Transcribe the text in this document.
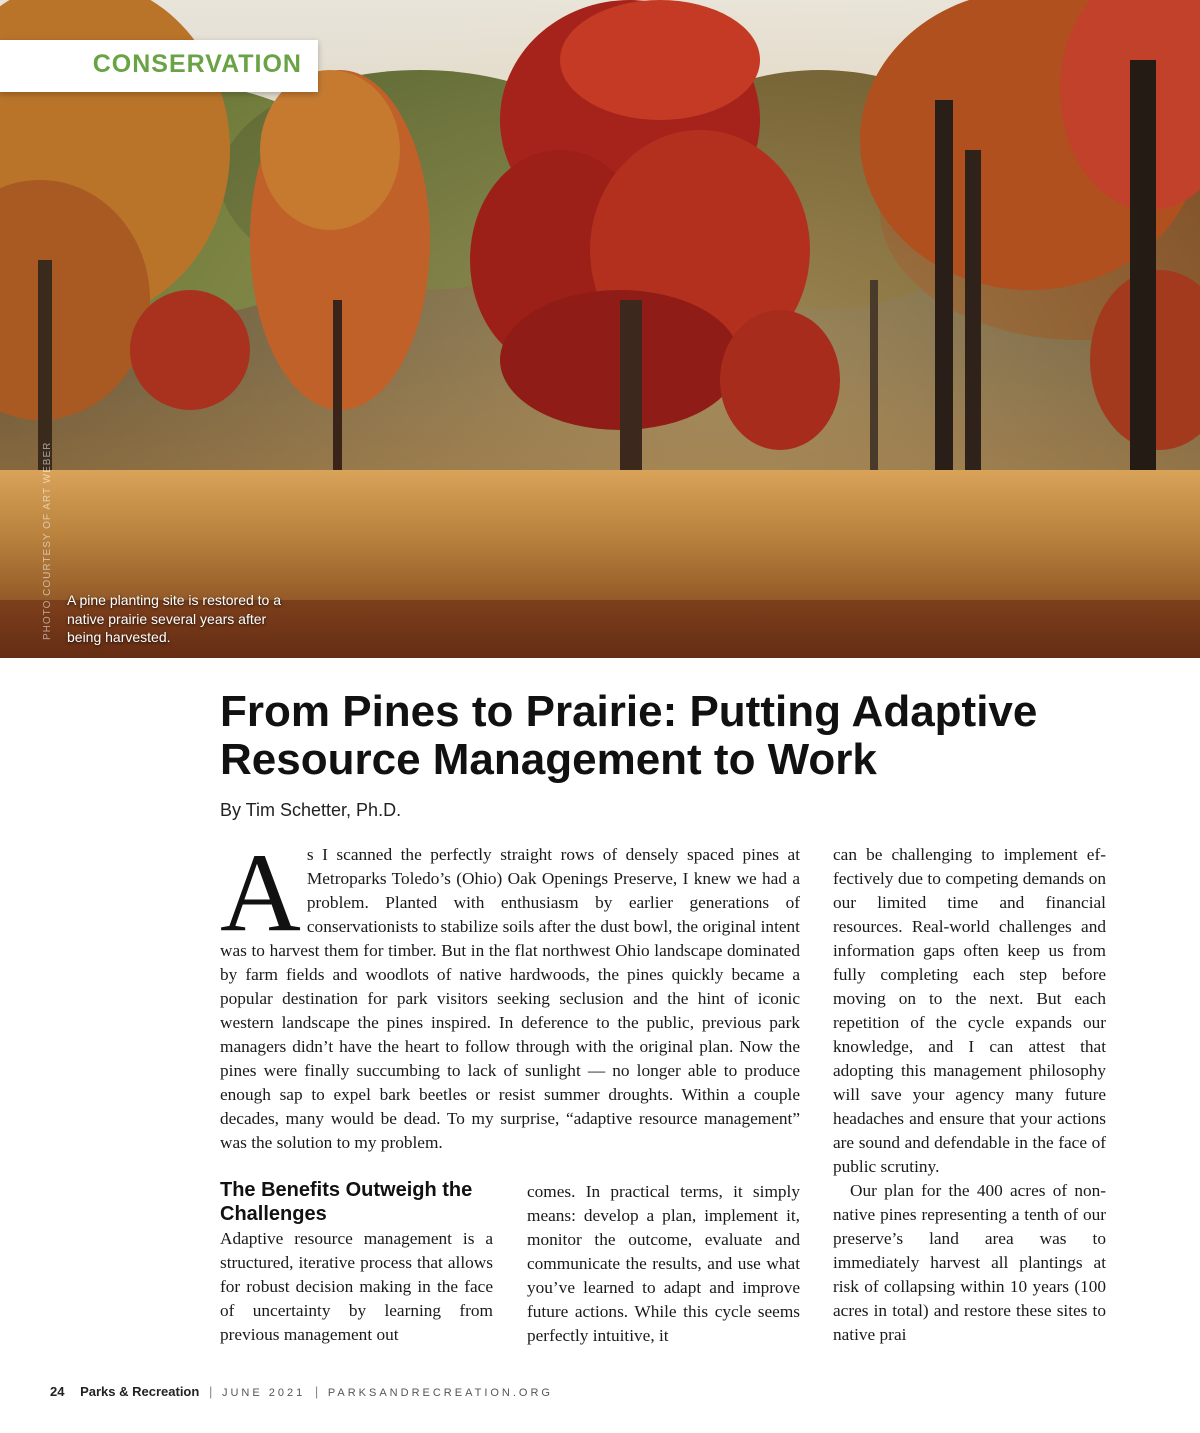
CONSERVATION
PHOTO COURTESY OF ART WEBER A pine planting site is restored to a native prairie several years after being harvested.
From Pines to Prairie: Putting Adaptive Resource Management to Work
By Tim Schetter, Ph.D.

As I scanned the perfectly straight rows of densely spaced pines at Metroparks Toledo’s (Ohio) Oak Openings Preserve, I knew we had a problem. Planted with enthusiasm by earlier generations of conservationists to stabilize soils after the dust bowl, the original intent was to harvest them for timber. But in the flat northwest Ohio landscape dominated by farm fields and woodlots of native hardwoods, the pines quickly became a popular destination for park visitors seeking seclusion and the hint of iconic western landscape the pines inspired. In deference to the public, previous park managers didn’t have the heart to follow through with the original plan. Now the pines were finally succumbing to lack of sunlight — no longer able to produce enough sap to expel bark beetles or resist summer droughts. Within a couple decades, many would be dead. To my surprise, “adaptive resource management” was the solution to my problem.

The Benefits Outweigh the Challenges

Adaptive resource management is a structured, iterative process that allows for robust decision making in the face of uncertainty by learning from previous management out

comes. In practical terms, it simply means: develop a plan, implement it, monitor the outcome, evaluate and communicate the results, and use what you’ve learned to adapt and improve future actions. While this cycle seems perfectly intuitive, it

can be challenging to implement effectively due to competing demands on our limited time and financial resources. Real-world challenges and information gaps often keep us from fully completing each step before moving on to the next. But each repetition of the cycle expands our knowledge, and I can attest that adopting this management philosophy will save your agency many future headaches and ensure that your actions are sound and defendable in the face of public scrutiny.

Our plan for the 400 acres of non-native pines representing a tenth of our preserve’s land area was to immediately harvest all plantings at risk of collapsing within 10 years (100 acres in total) and restore these sites to native prai

24 Parks & Recreation | JUNE 2021 | PARKSANDRECREATION.ORG
